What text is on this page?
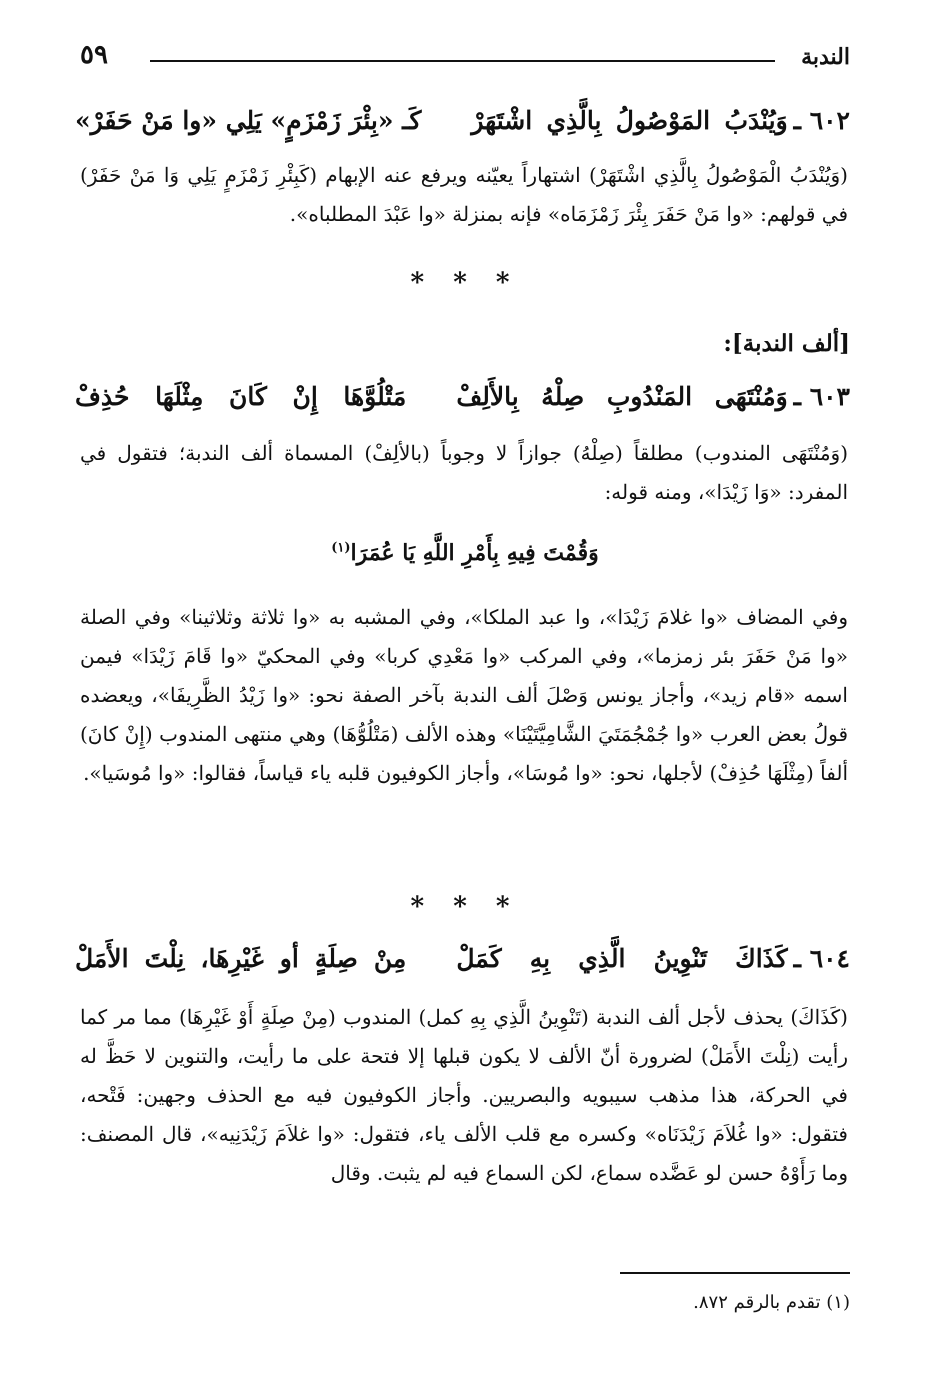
الندبة
٥٩
٦٠٢ ـ
وَيُنْدَبُ المَوْصُولُ بِالَّذِي اشْتَهَرْ
كَـ «بِئْرَ زَمْزَمٍ» يَلِي «وا مَنْ حَفَرْ»
(وَيُنْدَبُ الْمَوْصُولُ بِالَّذِي اشْتَهَرْ) اشتهاراً يعيّنه ويرفع عنه الإبهام (كَبِئْرِ زَمْزَمٍ يَلِي وَا مَنْ حَفَرْ) في قولهم: «وا مَنْ حَفَرَ بِئْرَ زَمْزَمَاه» فإنه بمنزلة «وا عَبْدَ المطلباه».
* * *
[ألف الندبة]:
٦٠٣ ـ
وَمُنْتَهَى المَنْدُوبِ صِلْهُ بِالأَلِفْ
مَتْلُوَّهَا إِنْ كَانَ مِثْلَهَا حُذِفْ
(وَمُنْتَهَى المندوب) مطلقاً (صِلْهُ) جوازاً لا وجوباً (بالألِفْ) المسماة ألف الندبة؛ فتقول في المفرد: «وَا زَيْدَا»، ومنه قوله:
وَقُمْتَ فِيهِ بِأَمْرِ اللَّهِ يَا عُمَرَا$^{(١)}$
وفي المضاف «وا غلامَ زَيْدَا»، وا عبد الملكا»، وفي المشبه به «وا ثلاثة وثلاثينا» وفي الصلة «وا مَنْ حَفَرَ بئر زمزما»، وفي المركب «وا مَعْدِي كربا» وفي المحكيّ «وا قَامَ زَيْدَا» فيمن اسمه «قام زيد»، وأجاز يونس وَصْلَ ألف الندبة بآخر الصفة نحو: «وا زَيْدُ الظَّرِيفَا»، ويعضده قولُ بعض العرب «وا جُمْجُمَتَيَ الشَّامِيَّتَيْنَا» وهذه الألف (مَتْلُوُّهَا) وهي منتهى المندوب (إِنْ كانَ) ألفاً (مِثْلَهَا حُذِفْ) لأجلها، نحو: «وا مُوسَا»، وأجاز الكوفيون قلبه ياء قياساً، فقالوا: «وا مُوسَيا».
* * *
٦٠٤ ـ
كَذَاكَ تَنْوِينُ الَّذِي بِهِ كَمَلْ
مِنْ صِلَةٍ أو غَيْرِهَا، نِلْتَ الأَمَلْ
(كَذَاكَ) يحذف لأجل ألف الندبة (تَنْوِينُ الَّذِي بِهِ كمل) المندوب (مِنْ صِلَةٍ أَوْ غَيْرِهَا) مما مر كما رأيت (نِلْتَ الأَمَلْ) لضرورة أنّ الألف لا يكون قبلها إلا فتحة على ما رأيت، والتنوين لا حَظَّ له في الحركة، هذا مذهب سيبويه والبصريين. وأجاز الكوفيون فيه مع الحذف وجهين: فَتْحه، فتقول: «وا غُلاَمَ زَيْدَنَاه» وكسره مع قلب الألف ياء، فتقول: «وا غلاَمَ زَيْدَنِيه»، قال المصنف: وما رَأَوْهُ حسن لو عَضَّده سماع، لكن السماع فيه لم يثبت. وقال
(١) تقدم بالرقم ٨٧٢.
